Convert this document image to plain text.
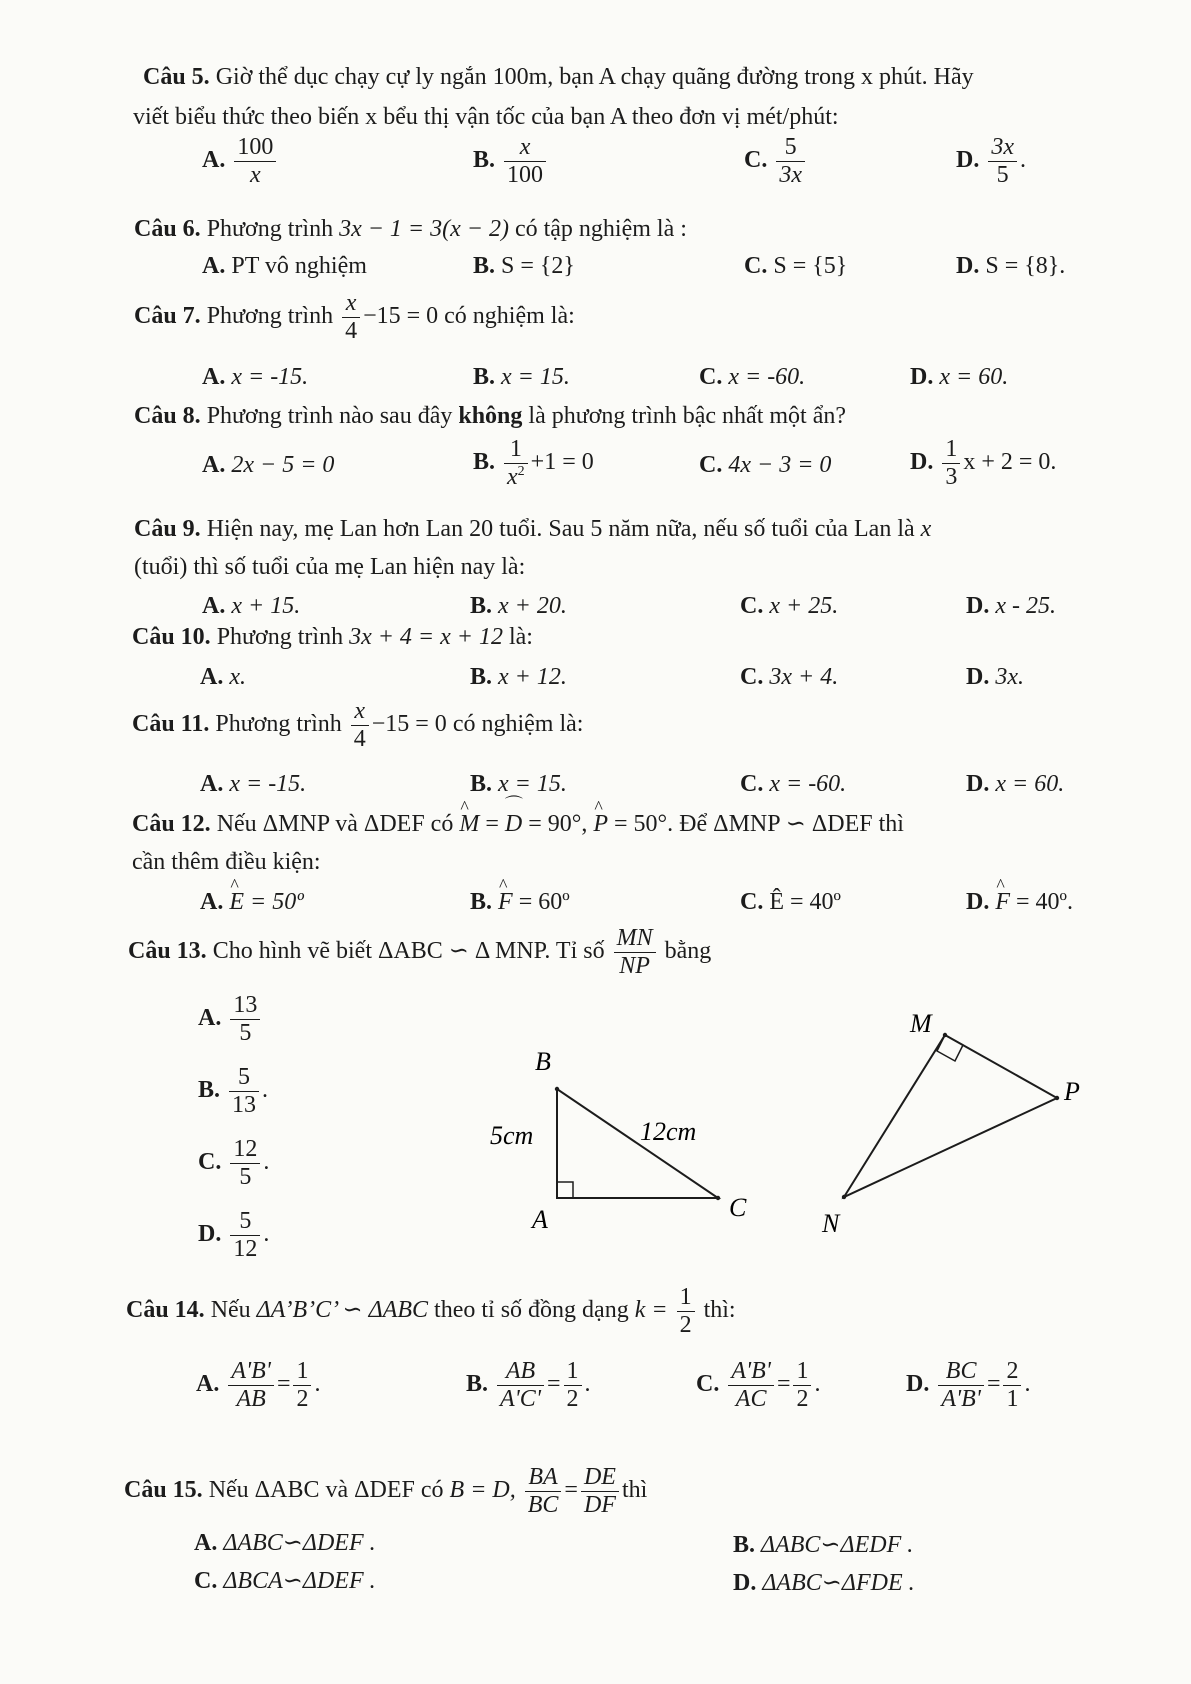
Câu 5. Giờ thể dục chạy cự ly ngắn 100m, bạn A chạy quãng đường trong x phút. Hãy
viết biểu thức theo biến x bểu thị vận tốc của bạn A theo đơn vị mét/phút:
A. $\frac{100}{x}$	B. $\frac{x}{100}$	C. $\frac{5}{3x}$	D. $\frac{3x}{5}$ .
Câu 6. Phương trình 3x − 1 = 3(x − 2) có tập nghiệm là :
A. PT vô nghiệm	B. S = {2}	C. S = {5}	D. S = {8}.
Câu 7. Phương trình $\frac{x}{4} -15 = 0$ có nghiệm là:
A. x = -15.	B. x = 15.	C. x = -60.	D. x = 60.
Câu 8. Phương trình nào sau đây không là phương trình bậc nhất một ẩn?
A. 2x − 5 = 0	B. $\frac{1}{x^2} +1 = 0$	C. 4x − 3 = 0	D. $\frac{1}{3}$ x + 2 = 0.
Câu 9. Hiện nay, mẹ Lan hơn Lan 20 tuổi. Sau 5 năm nữa, nếu số tuổi của Lan là x
(tuổi) thì số tuổi của mẹ Lan hiện nay là:
A. x + 15.	B. x + 20.	C. x + 25.	D. x - 25.
Câu 10. Phương trình 3x + 4 = x + 12 là:
A. x.	B. x + 12.	C. 3x + 4.	D. 3x.
Câu 11. Phương trình $\frac{x}{4} -15 = 0$ có nghiệm là:
A. x = -15.	B. x = 15.	C. x = -60.	D. x = 60.
Câu 12. Nếu ΔMNP và ΔDEF có ^ M = ⌒ D = 90°, ^ P = 50°. Để ΔMNP ∽ ΔDEF thì
cần thêm điều kiện:
A. ^ E = 50º	B. ^ F = 60º	C. Ê = 40º	D. ^ F = 40º.
Câu 13. Cho hình vẽ biết ΔABC ∽ Δ MNP. Tỉ số $\frac{MN}{NP}$ bằng
A. $\frac{13}{5}$
B. $\frac{5}{13}$ .
C. $\frac{12}{5}$ .
D. $\frac{5}{12}$ .
B
A	C
5cm	12cm
M
P
N
Câu 14. Nếu ΔA’B’C’ ∽ ΔABC theo tỉ số đồng dạng $k = \frac{1}{2}$ thì:
A. $\frac{A'B'}{AB} = \frac{1}{2}$ .	B. $\frac{AB}{A'C'} = \frac{1}{2}$ .	C. $\frac{A'B'}{AC} = \frac{1}{2}$ .	D. $\frac{BC}{A'B'} = \frac{2}{1}$ .
Câu 15. Nếu ΔABC và ΔDEF có B = D, $\frac{BA}{BC} = \frac{DE}{DF}$ thì
A. ΔABC∽ΔDEF .	B. ΔABC∽ΔEDF .
C. ΔBCA∽ΔDEF .	D. ΔABC∽ΔFDE .
